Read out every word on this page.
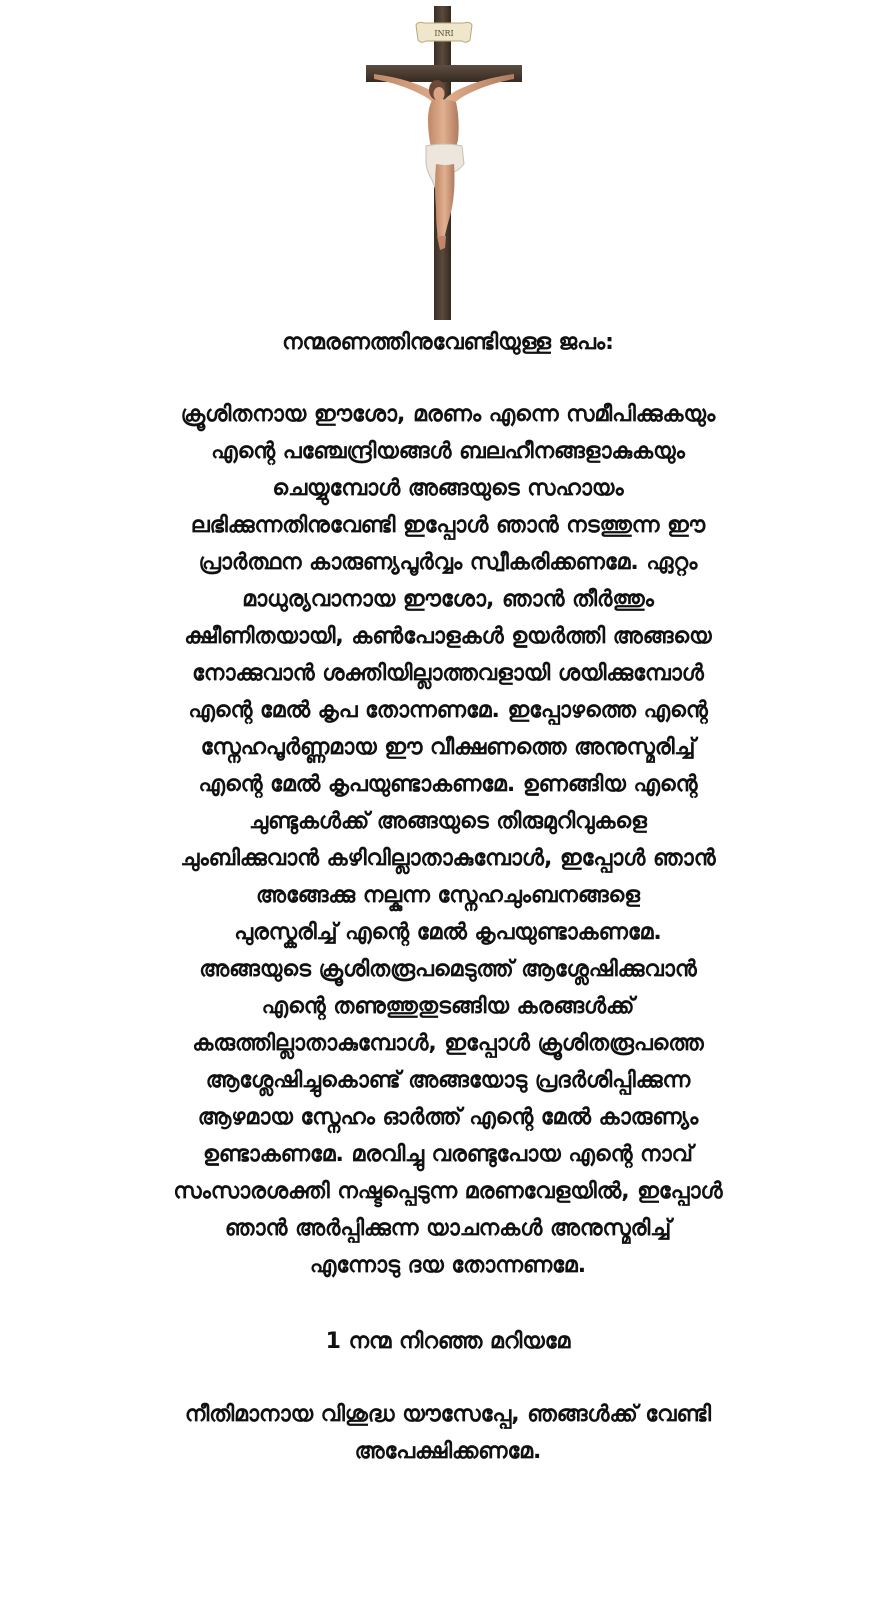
INRI

നന്മരണത്തിനുവേണ്ടിയുള്ള ജപം:

ക്രൂശിതനായ ഈശോ, മരണം എന്നെ സമീപിക്കുകയും
എന്റെ പഞ്ചേന്ദ്രിയങ്ങൾ ബലഹീനങ്ങളാകുകയും
ചെയ്യുമ്പോൾ അങ്ങയുടെ സഹായം
ലഭിക്കുന്നതിനുവേണ്ടി ഇപ്പോൾ ഞാൻ നടത്തുന്ന ഈ
പ്രാർത്ഥന കാരുണ്യപൂർവ്വം സ്വീകരിക്കണമേ. ഏറ്റം
മാധുര്യവാനായ ഈശോ, ഞാൻ തീർത്തും
ക്ഷീണിതയായി, കൺപോളകൾ ഉയർത്തി അങ്ങയെ
നോക്കുവാൻ ശക്തിയില്ലാത്തവളായി ശയിക്കുമ്പോൾ
എന്റെ മേൽ കൃപ തോന്നണമേ. ഇപ്പോഴത്തെ എന്റെ
സ്നേഹപൂർണ്ണമായ ഈ വീക്ഷണത്തെ അനുസ്മരിച്ച്
എന്റെ മേൽ കൃപയുണ്ടാകണമേ. ഉണങ്ങിയ എന്റെ
ചുണ്ടുകൾക്ക് അങ്ങയുടെ തിരുമുറിവുകളെ
ചുംബിക്കുവാൻ കഴിവില്ലാതാകുമ്പോൾ, ഇപ്പോൾ ഞാൻ
അങ്ങേക്കു നല്കുന്ന സ്നേഹചുംബനങ്ങളെ
പുരസ്കരിച്ച് എന്റെ മേൽ കൃപയുണ്ടാകണമേ.
അങ്ങയുടെ ക്രൂശിതരൂപമെടുത്ത് ആശ്ലേഷിക്കുവാൻ
എന്റെ തണുത്തുതുടങ്ങിയ കരങ്ങൾക്ക്
കരുത്തില്ലാതാകുമ്പോൾ, ഇപ്പോൾ ക്രൂശിതരൂപത്തെ
ആശ്ലേഷിച്ചുകൊണ്ട് അങ്ങയോടു പ്രദർശിപ്പിക്കുന്ന
ആഴമായ സ്നേഹം ഓർത്ത് എന്റെ മേൽ കാരുണ്യം
ഉണ്ടാകണമേ. മരവിച്ചു വരണ്ടുപോയ എന്റെ നാവ്
സംസാരശക്തി നഷ്ടപ്പെടുന്ന മരണവേളയിൽ, ഇപ്പോൾ
ഞാൻ അർപ്പിക്കുന്ന യാചനകൾ അനുസ്മരിച്ച്
എന്നോടു ദയ തോന്നണമേ.

1 നന്മ നിറഞ്ഞ മറിയമേ

നീതിമാനായ വിശുദ്ധ യൗസേപ്പേ, ഞങ്ങൾക്ക് വേണ്ടി
അപേക്ഷിക്കണമേ.
